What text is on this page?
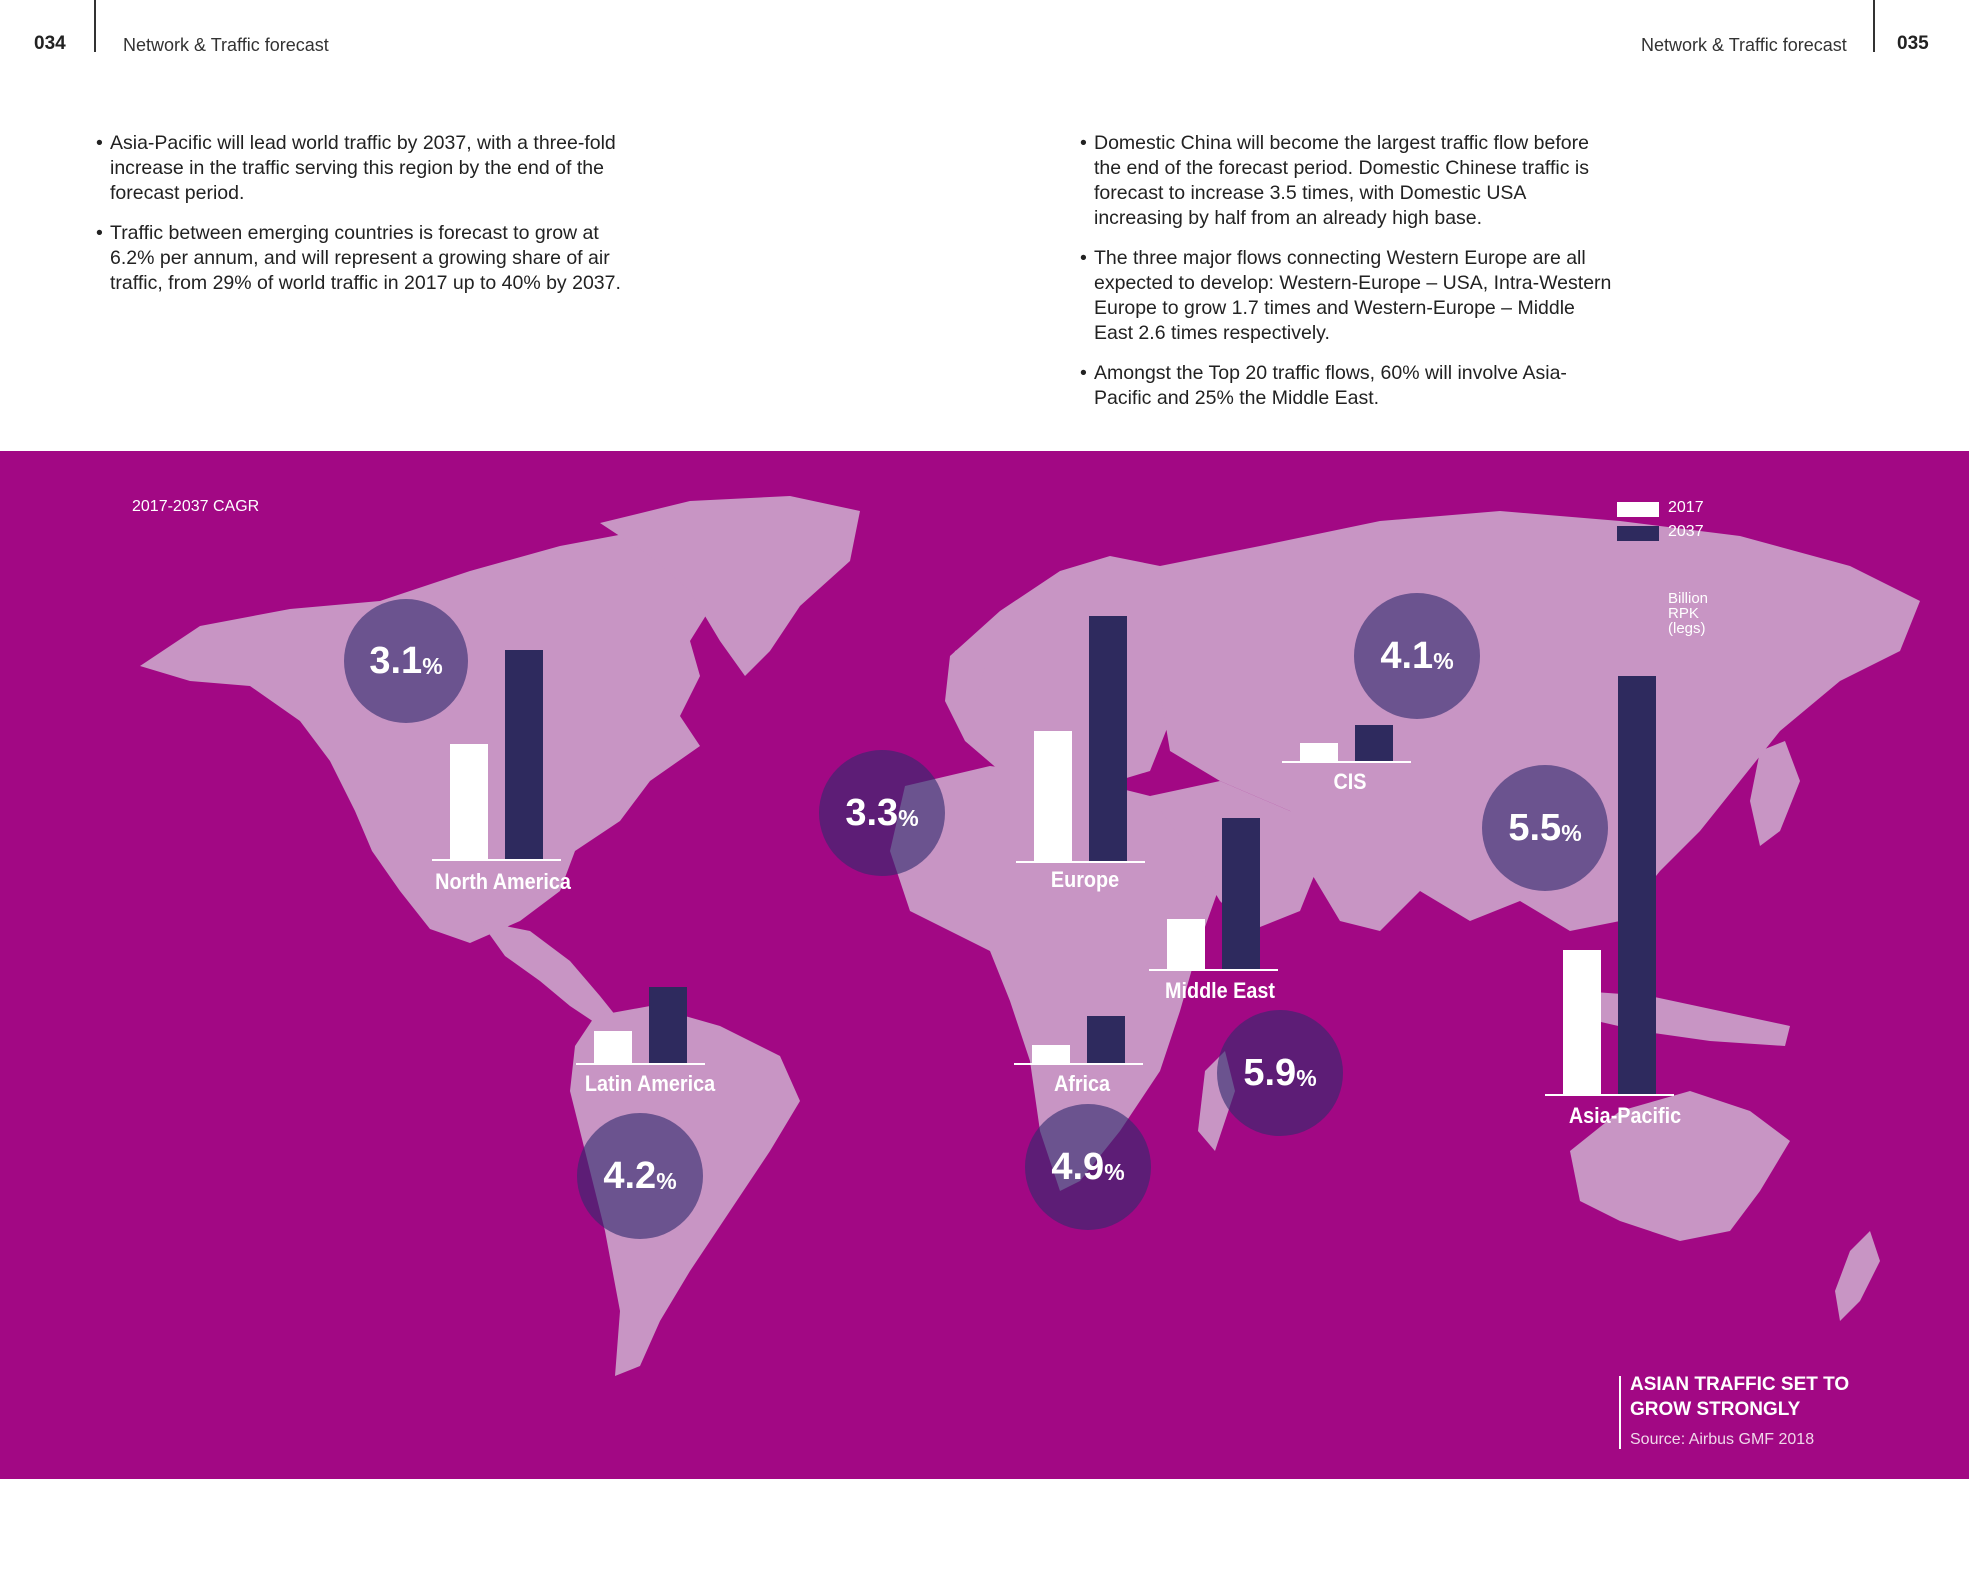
034	Network & Traffic forecast	Network & Traffic forecast	035
• Asia-Pacific will lead world traffic by 2037, with a three-fold increase in the traffic serving this region by the end of the forecast period.
• Traffic between emerging countries is forecast to grow at 6.2% per annum, and will represent a growing share of air traffic, from 29% of world traffic in 2017 up to 40% by 2037.
• Domestic China will become the largest traffic flow before the end of the forecast period. Domestic Chinese traffic is forecast to increase 3.5 times, with Domestic USA increasing by half from an already high base.
• The three major flows connecting Western Europe are all expected to develop: Western-Europe – USA, Intra-Western Europe to grow 1.7 times and Western-Europe – Middle East 2.6 times respectively.
• Amongst the Top 20 traffic flows, 60% will involve Asia-Pacific and 25% the Middle East.
2017-2037 CAGR	2017
2037
Billion RPK (legs)
North America
3.1 %
Latin America
4.2 %
Europe
3.3 %
Africa
4.9 %
Middle East
5.9 %
CIS
4.1 %
Asia-Pacific
5.5 %
ASIAN TRAFFIC SET TO GROW STRONGLY
Source: Airbus GMF 2018
